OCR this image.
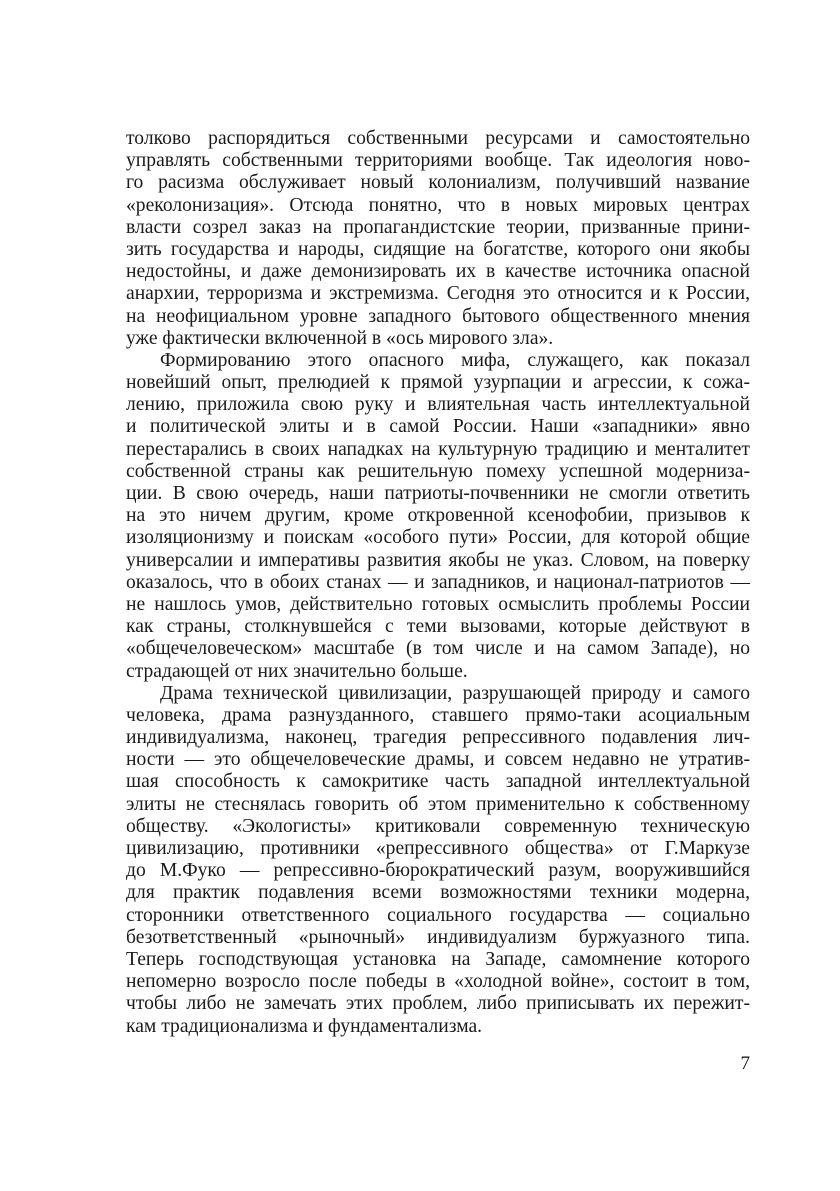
толково распорядиться собственными ресурсами и самостоятельно
управлять собственными территориями вообще. Так идеология ново-
го расизма обслуживает новый колониализм, получивший название
«реколонизация». Отсюда понятно, что в новых мировых центрах
власти созрел заказ на пропагандистские теории, призванные прини-
зить государства и народы, сидящие на богатстве, которого они якобы
недостойны, и даже демонизировать их в качестве источника опасной
анархии, терроризма и экстремизма. Сегодня это относится и к России,
на неофициальном уровне западного бытового общественного мнения
уже фактически включенной в «ось мирового зла».
Формированию этого опасного мифа, служащего, как показал
новейший опыт, прелюдией к прямой узурпации и агрессии, к сожа-
лению, приложила свою руку и влиятельная часть интеллектуальной
и политической элиты и в самой России. Наши «западники» явно
перестарались в своих нападках на культурную традицию и менталитет
собственной страны как решительную помеху успешной модерниза-
ции. В свою очередь, наши патриоты-почвенники не смогли ответить
на это ничем другим, кроме откровенной ксенофобии, призывов к
изоляционизму и поискам «особого пути» России, для которой общие
универсалии и императивы развития якобы не указ. Словом, на поверку
оказалось, что в обоих станах — и западников, и национал-патриотов —
не нашлось умов, действительно готовых осмыслить проблемы России
как страны, столкнувшейся с теми вызовами, которые действуют в
«общечеловеческом» масштабе (в том числе и на самом Западе), но
страдающей от них значительно больше.
Драма технической цивилизации, разрушающей природу и самого
человека, драма разнузданного, ставшего прямо-таки асоциальным
индивидуализма, наконец, трагедия репрессивного подавления лич-
ности — это общечеловеческие драмы, и совсем недавно не утратив-
шая способность к самокритике часть западной интеллектуальной
элиты не стеснялась говорить об этом применительно к собственному
обществу. «Экологисты» критиковали современную техническую
цивилизацию, противники «репрессивного общества» от Г.Маркузе
до М.Фуко — репрессивно-бюрократический разум, вооружившийся
для практик подавления всеми возможностями техники модерна,
сторонники ответственного социального государства — социально
безответственный «рыночный» индивидуализм буржуазного типа.
Теперь господствующая установка на Западе, самомнение которого
непомерно возросло после победы в «холодной войне», состоит в том,
чтобы либо не замечать этих проблем, либо приписывать их пережит-
кам традиционализма и фундаментализма.
7
